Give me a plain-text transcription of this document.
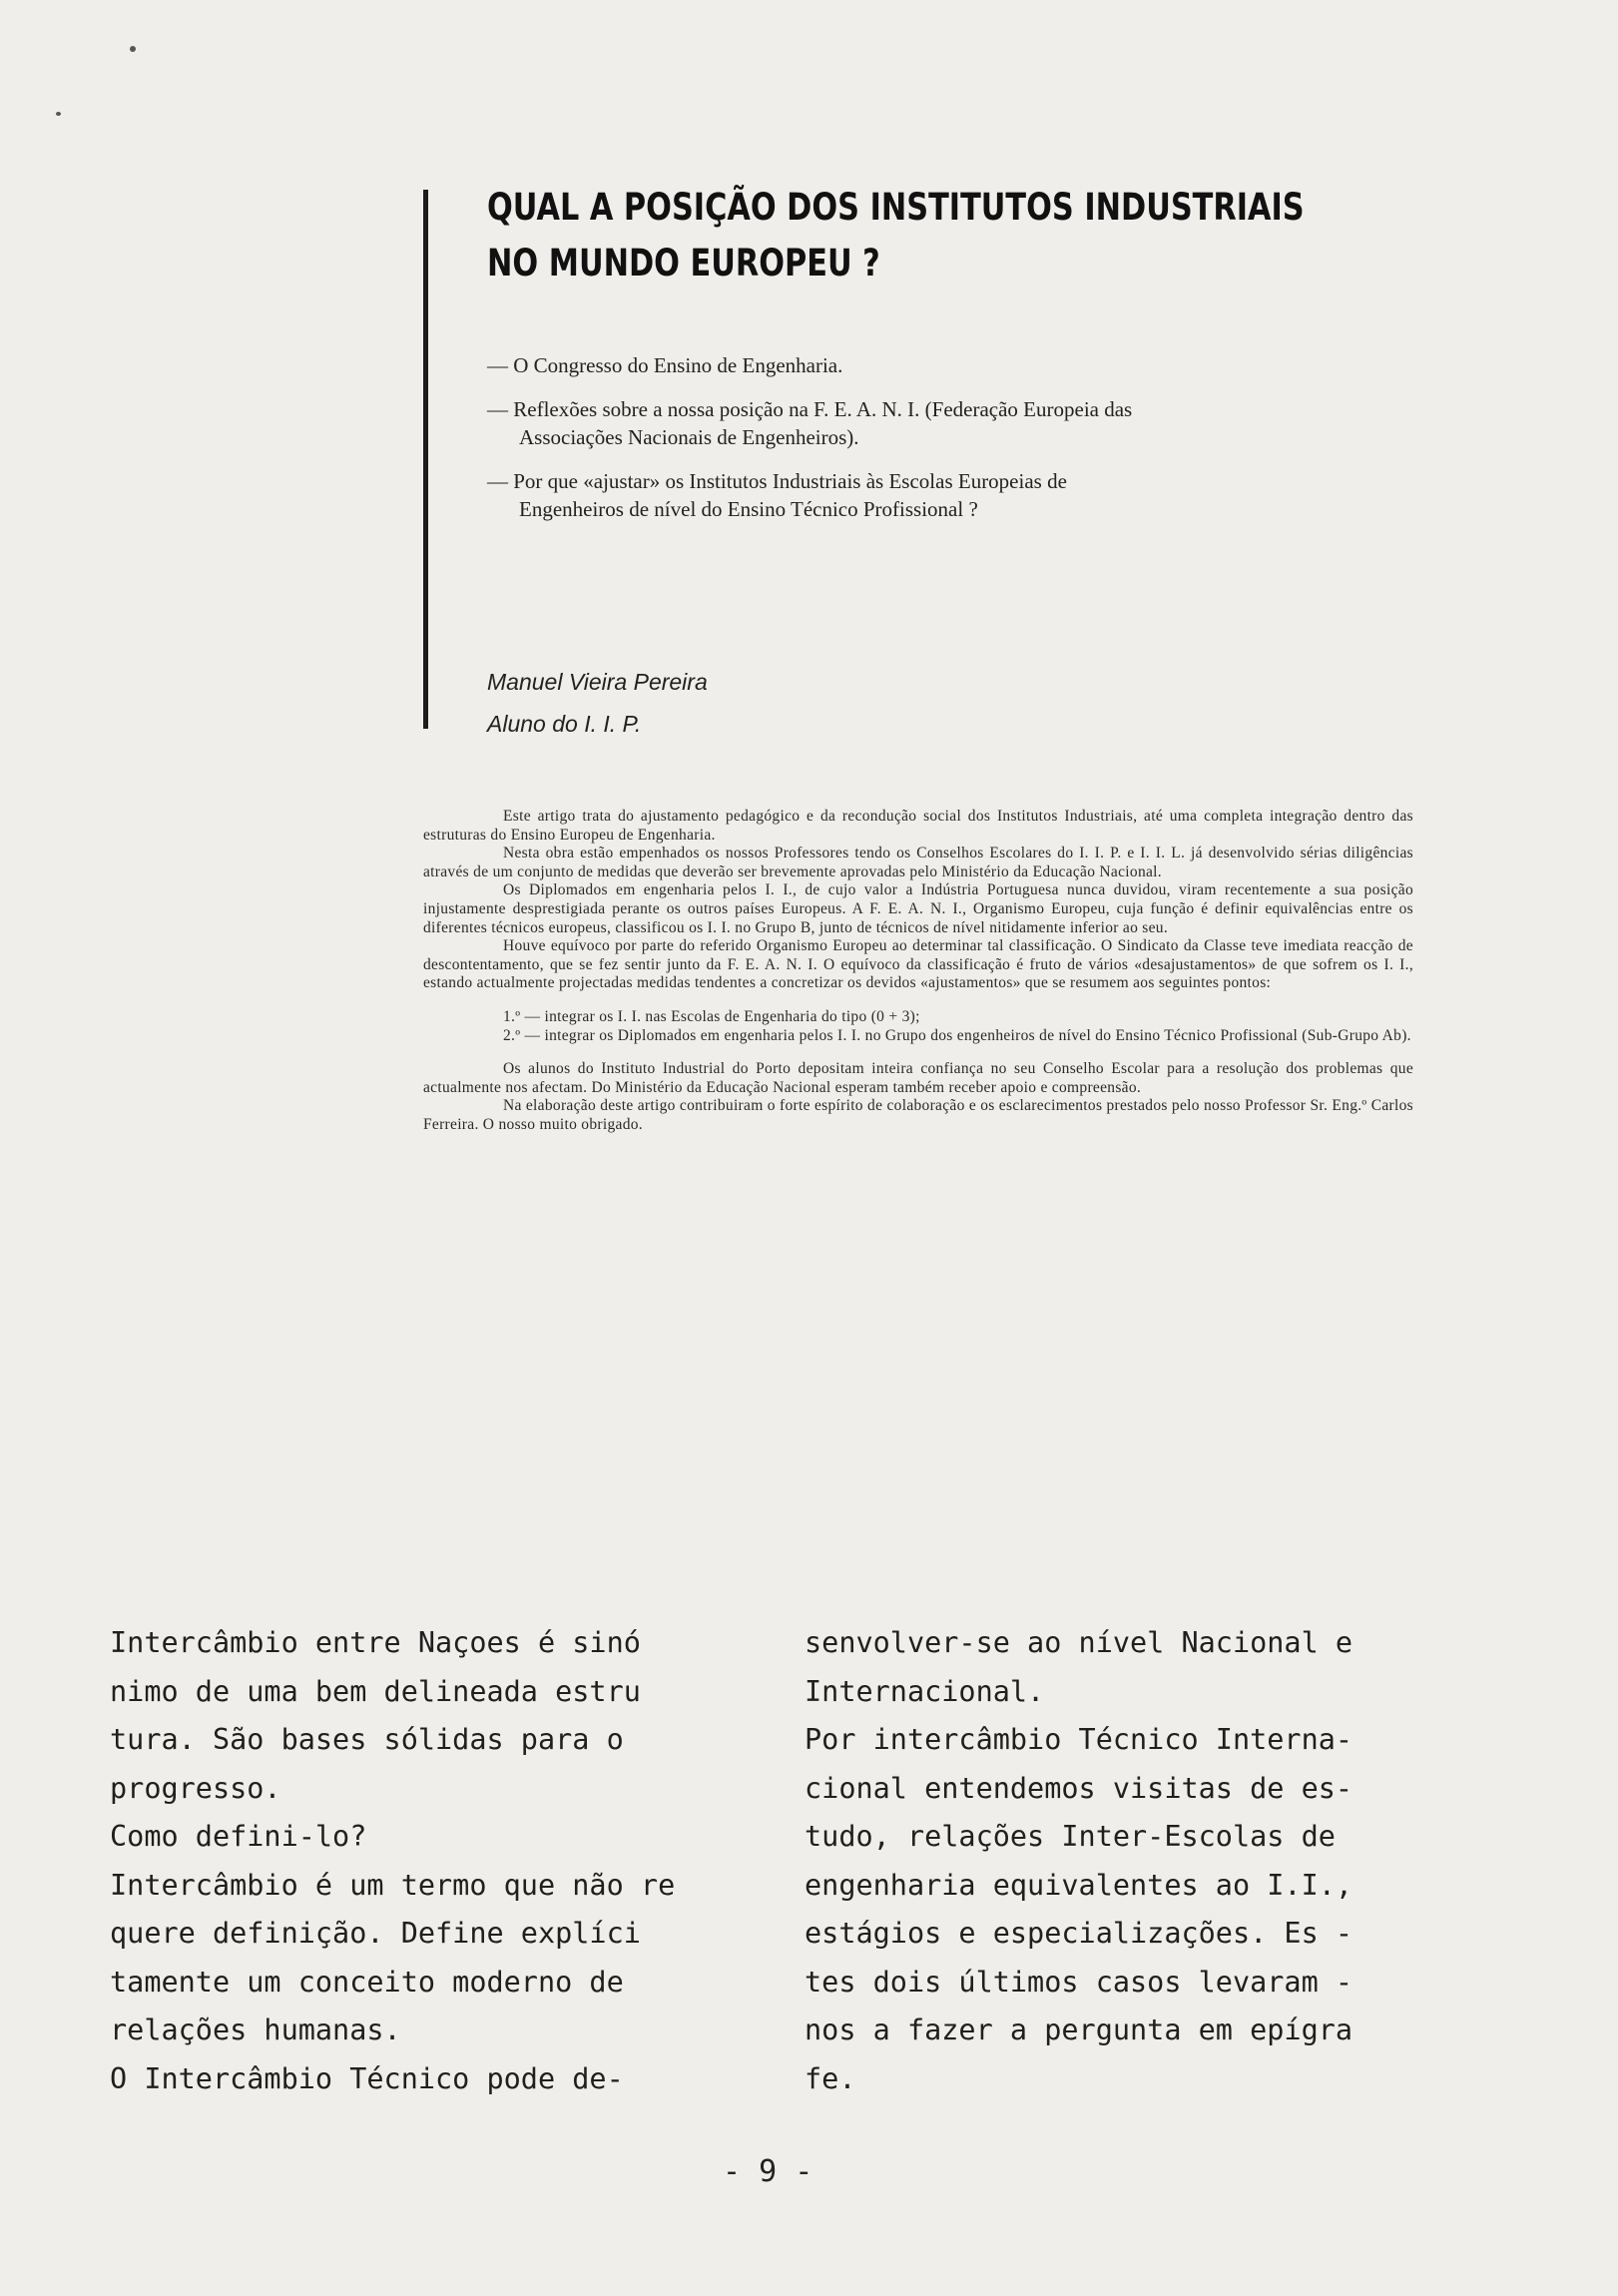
QUAL A POSIÇÃO DOS INSTITUTOS INDUSTRIAIS
NO MUNDO EUROPEU ?
— O Congresso do Ensino de Engenharia.
— Reflexões sobre a nossa posição na F. E. A. N. I. (Federação Europeia das Associações Nacionais de Engenheiros).
— Por que «ajustar» os Institutos Industriais às Escolas Europeias de Engenheiros de nível do Ensino Técnico Profissional ?
Manuel Vieira Pereira
Aluno do I. I. P.

Este artigo trata do ajustamento pedagógico e da recondução social dos Institutos Industriais, até uma completa integração dentro das estruturas do Ensino Europeu de Engenharia.

Nesta obra estão empenhados os nossos Professores tendo os Conselhos Escolares do I. I. P. e I. I. L. já desenvolvido sérias diligências através de um conjunto de medidas que deverão ser brevemente aprovadas pelo Ministério da Educação Nacional.

Os Diplomados em engenharia pelos I. I., de cujo valor a Indústria Portuguesa nunca duvidou, viram recentemente a sua posição injustamente desprestigiada perante os outros países Europeus. A F. E. A. N. I., Organismo Europeu, cuja função é definir equivalências entre os diferentes técnicos europeus, classificou os I. I. no Grupo B, junto de técnicos de nível nitidamente inferior ao seu.

Houve equívoco por parte do referido Organismo Europeu ao determinar tal classificação. O Sindicato da Classe teve imediata reacção de descontentamento, que se fez sentir junto da F. E. A. N. I. O equívoco da classificação é fruto de vários «desajustamentos» de que sofrem os I. I., estando actualmente projectadas medidas tendentes a concretizar os devidos «ajustamentos» que se resumem aos seguintes pontos:

1.º — integrar os I. I. nas Escolas de Engenharia do tipo (0 + 3);
2.º — integrar os Diplomados em engenharia pelos I. I. no Grupo dos engenheiros de nível do Ensino Técnico Profissional (Sub-Grupo Ab).

Os alunos do Instituto Industrial do Porto depositam inteira confiança no seu Conselho Escolar para a resolução dos problemas que actualmente nos afectam. Do Ministério da Educação Nacional esperam também receber apoio e compreensão.

Na elaboração deste artigo contribuiram o forte espírito de colaboração e os esclarecimentos prestados pelo nosso Professor Sr. Eng.º Carlos Ferreira. O nosso muito obrigado.

Intercâmbio entre Naçoes é sinó
nimo de uma bem delineada estru
tura. São bases sólidas para o
progresso.
Como defini-lo?
Intercâmbio é um termo que não re
quere definição. Define explíci
tamente um conceito moderno de
relações humanas.
O Intercâmbio Técnico pode de-
senvolver-se ao nível Nacional e
Internacional.
Por intercâmbio Técnico Interna-
cional entendemos visitas de es-
tudo, relações Inter-Escolas de
engenharia equivalentes ao I.I.,
estágios e especializações. Es -
tes dois últimos casos levaram -
nos a fazer a pergunta em epígra
fe.
- 9 -
